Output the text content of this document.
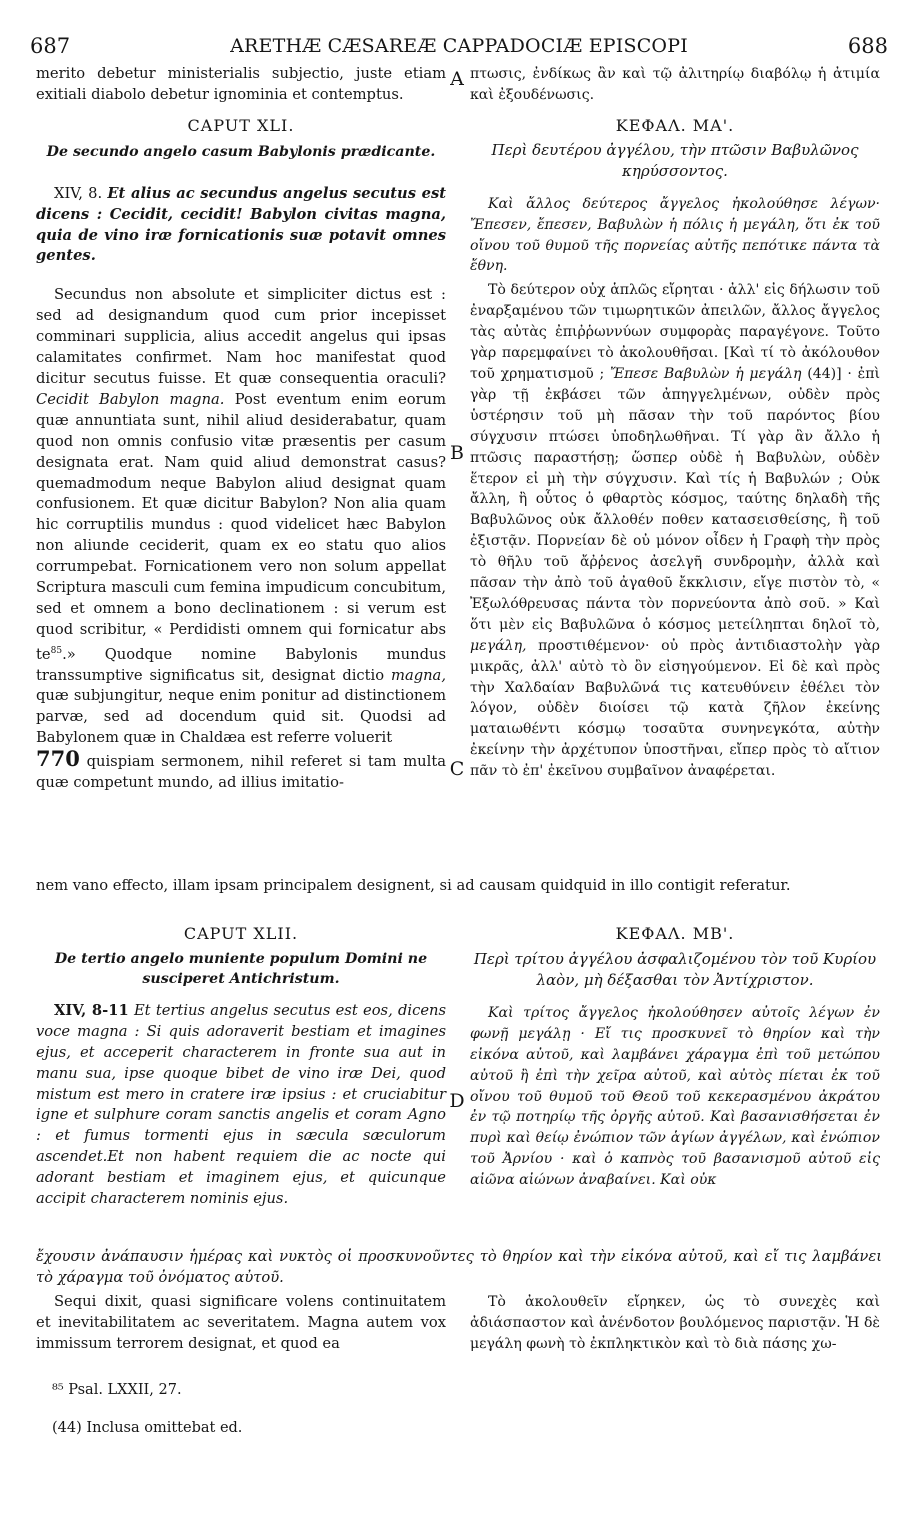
687	ARETHÆ CÆSAREÆ CAPPADOCIÆ EPISCOPI	688

merito debetur ministerialis subjectio, juste etiam exitiali diabolo debetur ignominia et contemptus.

CAPUT XLI.

De secundo angelo casum Babylonis prædicante.

XIV, 8. Et alius ac secundus angelus secutus est dicens : Cecidit, cecidit! Babylon civitas magna, quia de vino iræ fornicationis suæ potavit omnes gentes.

Secundus non absolute et simpliciter dictus est : sed ad designandum quod cum prior incepisset comminari supplicia, alius accedit angelus qui ipsas calamitates confirmet. Nam hoc manifestat quod dicitur secutus fuisse. Et quæ consequentia oraculi? Cecidit Babylon magna. Post eventum enim eorum quæ annuntiata sunt, nihil aliud desiderabatur, quam quod non omnis confusio vitæ præsentis per casum designata erat. Nam quid aliud demonstrat casus? quemadmodum neque Babylon aliud designat quam confusionem. Et quæ dicitur Babylon? Non alia quam hic corruptilis mundus : quod videlicet hæc Babylon non aliunde ceciderit, quam ex eo statu quo alios corrumpebat. Fornicationem vero non solum appellat Scriptura masculi cum femina impudicum concubitum, sed et omnem a bono declinationem : si verum est quod scribitur, « Perdidisti omnem qui fornicatur abs $te^{85}$.» Quodque nomine Babylonis mundus transsumptive significatus sit, designat dictio magna, quæ subjungitur, neque enim ponitur ad distinctionem parvæ, sed ad docendum quid sit. Quodsi ad Babylonem quæ in Chaldæa est referre voluerit
770 quispiam sermonem, nihil referet si tam multa quæ competunt mundo, ad illius imitatio-

πτωσις, ἐνδίκως ἂν καὶ τῷ ἀλιτηρίῳ διαβόλῳ ἡ ἀτιμία καὶ ἐξουδένωσις.

ΚΕΦΑΛ. ΜΑ'.

Περὶ δευτέρου ἀγγέλου, τὴν πτῶσιν Βαβυλῶνος κηρύσσοντος.

Καὶ ἄλλος δεύτερος ἄγγελος ἠκολούθησε λέγων· Ἔπεσεν, ἔπεσεν, Βαβυλὼν ἡ πόλις ἡ μεγάλη, ὅτι ἐκ τοῦ οἴνου τοῦ θυμοῦ τῆς πορνείας αὐτῆς πεπότικε πάντα τὰ ἔθνη.

Τὸ δεύτερον οὐχ ἁπλῶς εἴρηται · ἀλλ' εἰς δήλωσιν τοῦ ἐναρξαμένου τῶν τιμωρητικῶν ἀπειλῶν, ἄλλος ἄγγελος τὰς αὐτὰς ἐπιῤῥωννύων συμφορὰς παραγέγονε. Τοῦτο γὰρ παρεμφαίνει τὸ ἀκολουθῆσαι. [Καὶ τί τὸ ἀκόλουθον τοῦ χρηματισμοῦ ; Ἔπεσε Βαβυλὼν ἡ μεγάλη (44)] · ἐπὶ γὰρ τῇ ἐκβάσει τῶν ἀπηγγελμένων, οὐδὲν πρὸς ὑστέρησιν τοῦ μὴ πᾶσαν τὴν τοῦ παρόντος βίου σύγχυσιν πτώσει ὑποδηλωθῆναι. Τί γὰρ ἂν ἄλλο ἡ πτῶσις παραστήσῃ; ὥσπερ οὐδὲ ἡ Βαβυλὼν, οὐδὲν ἕτερον εἰ μὴ τὴν σύγχυσιν. Καὶ τίς ἡ Βαβυλών ; Οὐκ ἄλλη, ἢ οὗτος ὁ φθαρτὸς κόσμος, ταύτης δηλαδὴ τῆς Βαβυλῶνος οὐκ ἄλλοθέν ποθεν κατασεισθείσης, ἢ τοῦ ἐξιστᾷν. Πορνείαν δὲ οὐ μόνον οἶδεν ἡ Γραφὴ τὴν πρὸς τὸ θῆλυ τοῦ ἄῤῥενος ἀσελγῆ συνδρομὴν, ἀλλὰ καὶ πᾶσαν τὴν ἀπὸ τοῦ ἀγαθοῦ ἔκκλισιν, εἴγε πιστὸν τὸ, « Ἐξωλόθρευσας πάντα τὸν πορνεύοντα ἀπὸ σοῦ. » Καὶ ὅτι μὲν εἰς Βαβυλῶνα ὁ κόσμος μετείληπται δηλοῖ τὸ, μεγάλη, προστιθέμενον· οὐ πρὸς ἀντιδιαστολὴν γὰρ μικρᾶς, ἀλλ' αὐτὸ τὸ ὂν εἰσηγούμενον. Εἰ δὲ καὶ πρὸς τὴν Χαλδαίαν Βαβυλῶνά τις κατευθύνειν ἐθέλει τὸν λόγον, οὐδὲν διοίσει τῷ κατὰ ζῆλον ἐκείνης ματαιωθέντι κόσμῳ τοσαῦτα συνηνεγκότα, αὐτὴν ἐκείνην τὴν ἀρχέτυπον ὑποστῆναι, εἴπερ πρὸς τὸ αἴτιον πᾶν τὸ ἐπ' ἐκεῖνου συμβαῖνον ἀναφέρεται.

A
B
C
D

nem vano effecto, illam ipsam principalem designent, si ad causam quidquid in illo contigit referatur.

CAPUT XLII.

De tertio angelo muniente populum Domini ne susciperet Antichristum.

XIV, 8-11 Et tertius angelus secutus est eos, dicens voce magna : Si quis adoraverit bestiam et imagines ejus, et acceperit characterem in fronte sua aut in manu sua, ipse quoque bibet de vino iræ Dei, quod mistum est mero in cratere iræ ipsius : et cruciabitur igne et sulphure coram sanctis angelis et coram Agno : et fumus tormenti ejus in sæcula sæculorum ascendet.Et non habent requiem die ac nocte qui adorant bestiam et imaginem ejus, et quicunque accipit characterem nominis ejus.

ΚΕΦΑΛ. ΜΒ'.

Περὶ τρίτου ἀγγέλου ἀσφαλιζομένου τὸν τοῦ Κυρίου λαὸν, μὴ δέξασθαι τὸν Ἀντίχριστον.

Καὶ τρίτος ἄγγελος ἠκολούθησεν αὐτοῖς λέγων ἐν φωνῇ μεγάλῃ · Εἴ τις προσκυνεῖ τὸ θηρίον καὶ τὴν εἰκόνα αὐτοῦ, καὶ λαμβάνει χάραγμα ἐπὶ τοῦ μετώπου αὐτοῦ ἢ ἐπὶ τὴν χεῖρα αὐτοῦ, καὶ αὐτὸς πίεται ἐκ τοῦ οἴνου τοῦ θυμοῦ τοῦ Θεοῦ τοῦ κεκερασμένου ἀκράτου ἐν τῷ ποτηρίῳ τῆς ὀργῆς αὐτοῦ. Καὶ βασανισθήσεται ἐν πυρὶ καὶ θείῳ ἐνώπιον τῶν ἁγίων ἀγγέλων, καὶ ἐνώπιον τοῦ Ἀρνίου · καὶ ὁ καπνὸς τοῦ βασανισμοῦ αὐτοῦ εἰς αἰῶνα αἰώνων ἀναβαίνει. Καὶ οὐκ

ἔχουσιν ἀνάπαυσιν ἡμέρας καὶ νυκτὸς οἱ προσκυνοῦντες τὸ θηρίον καὶ τὴν εἰκόνα αὐτοῦ, καὶ εἴ τις λαμβάνει τὸ χάραγμα τοῦ ὀνόματος αὐτοῦ.

Sequi dixit, quasi significare volens continuitatem et inevitabilitatem ac severitatem. Magna autem vox immissum terrorem designat, et quod ea

Τὸ ἀκολουθεῖν εἴρηκεν, ὡς τὸ συνεχὲς καὶ ἀδιάσπαστον καὶ ἀνένδοτον βουλόμενος παριστᾷν. Ἡ δὲ μεγάλη φωνὴ τὸ ἐκπληκτικὸν καὶ τὸ διὰ πάσης χω-

⁸⁵ Psal. LXXII, 27.

(44) Inclusa omittebat ed.
